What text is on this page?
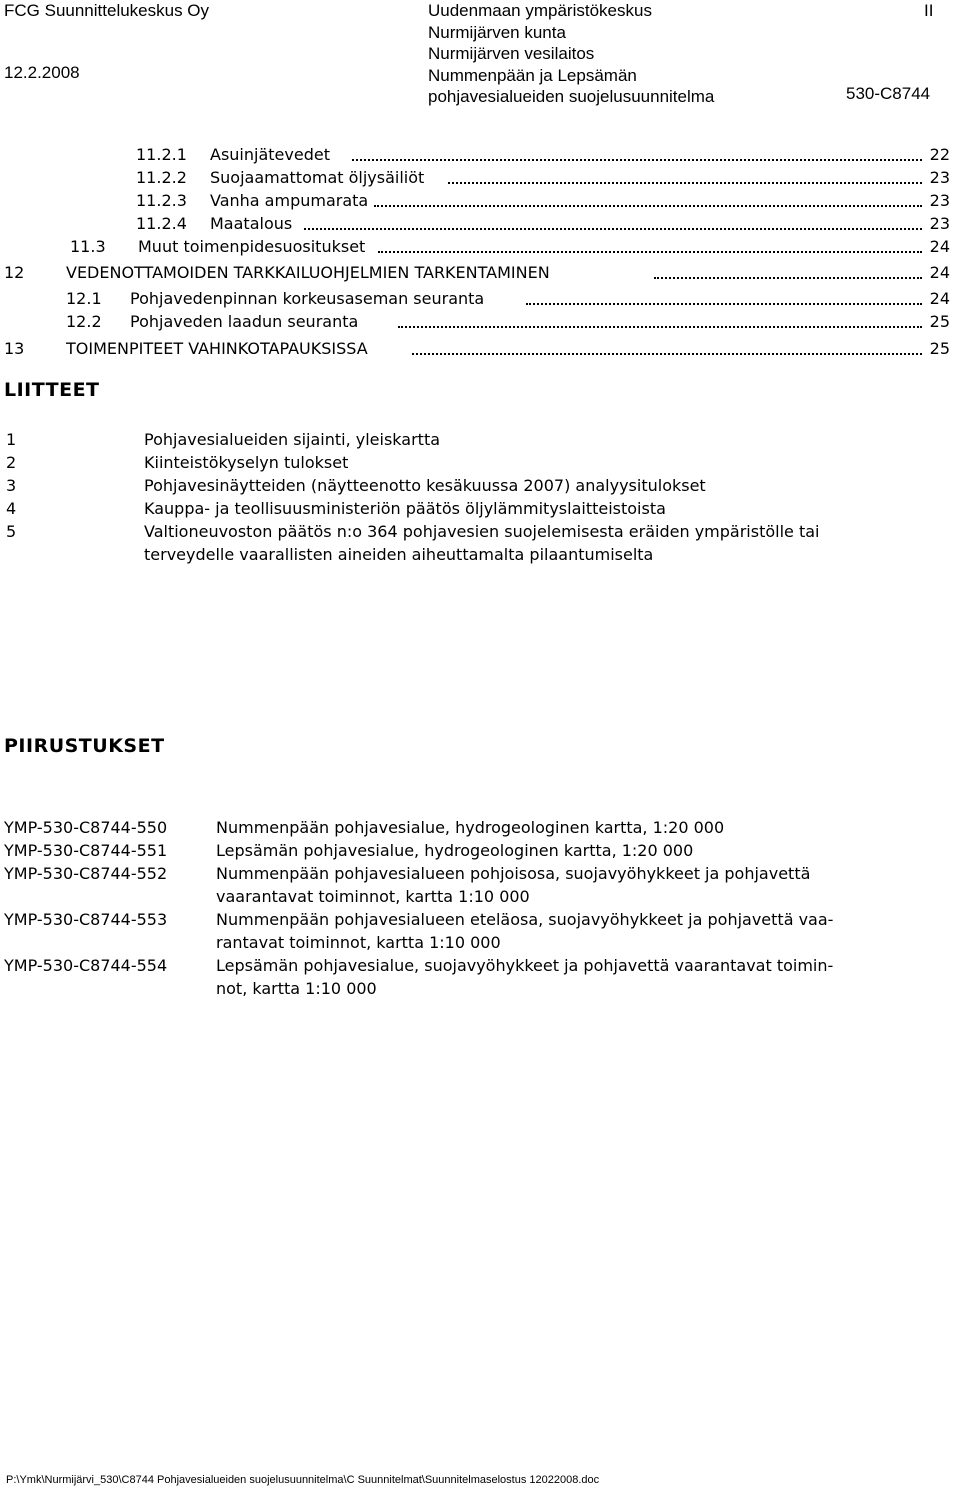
FCG Suunnittelukeskus Oy
12.2.2008
Uudenmaan ympäristökeskus
Nurmijärven kunta
Nurmijärven vesilaitos
Nummenpään ja Lepsämän
pohjavesialueiden suojelusuunnitelma
II
530-C8744
11.2.1 Asuinjätevedet	22
11.2.2 Suojaamattomat öljysäiliöt	23
11.2.3 Vanha ampumarata	23
11.2.4 Maatalous	23
11.3 Muut toimenpidesuositukset	24
12	VEDENOTTAMOIDEN TARKKAILUOHJELMIEN TARKENTAMINEN	24
12.1 Pohjavedenpinnan korkeusaseman seuranta	24
12.2 Pohjaveden laadun seuranta	25
13	TOIMENPITEET VAHINKOTAPAUKSISSA	25
LIITTEET
1	Pohjavesialueiden sijainti, yleiskartta
2	Kiinteistökyselyn tulokset
3	Pohjavesinäytteiden (näytteenotto kesäkuussa 2007) analyysitulokset
4	Kauppa- ja teollisuusministeriön päätös öljylämmityslaitteistoista
5	Valtioneuvoston päätös n:o 364 pohjavesien suojelemisesta eräiden ympäristölle tai
terveydelle vaarallisten aineiden aiheuttamalta pilaantumiselta
PIIRUSTUKSET
YMP-530-C8744-550	Nummenpään pohjavesialue, hydrogeologinen kartta, 1:20 000
YMP-530-C8744-551	Lepsämän pohjavesialue, hydrogeologinen kartta, 1:20 000
YMP-530-C8744-552	Nummenpään pohjavesialueen pohjoisosa, suojavyöhykkeet ja pohjavettä
vaarantavat toiminnot, kartta 1:10 000
YMP-530-C8744-553	Nummenpään pohjavesialueen eteläosa, suojavyöhykkeet ja pohjavettä vaa-
rantavat toiminnot, kartta 1:10 000
YMP-530-C8744-554	Lepsämän pohjavesialue, suojavyöhykkeet ja pohjavettä vaarantavat toimin-
not, kartta 1:10 000
P:\Ymk\Nurmijärvi_530\C8744 Pohjavesialueiden suojelusuunnitelma\C Suunnitelmat\Suunnitelmaselostus 12022008.doc
